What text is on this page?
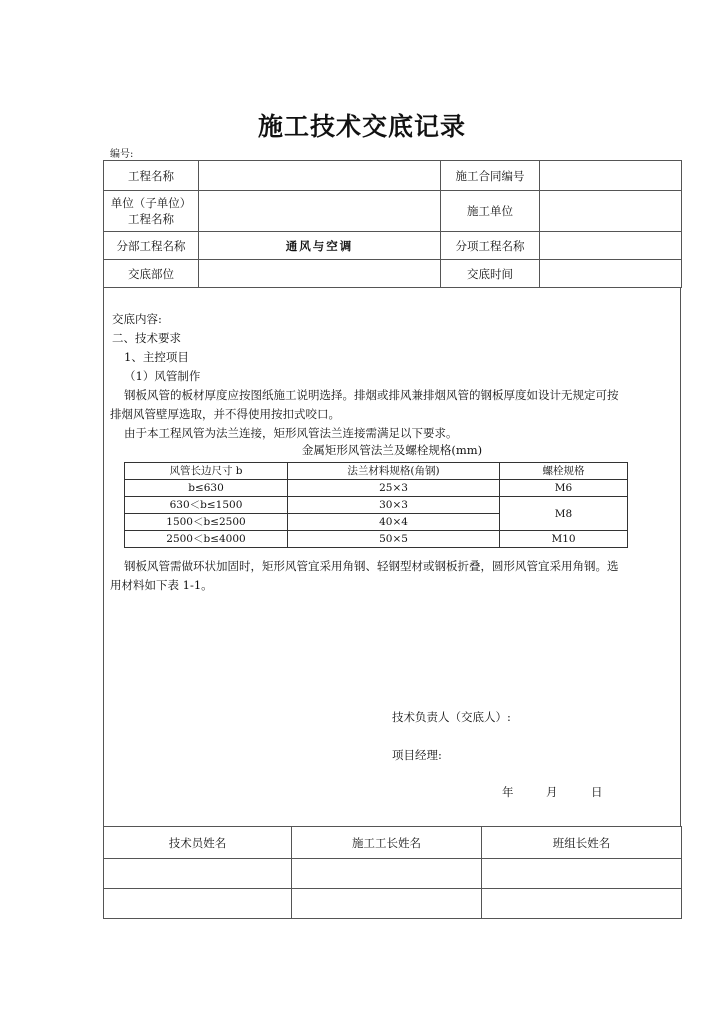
施工技术交底记录
编号:
工程名称		施工合同编号	

单位（子单位）
工程名称		施工单位	
分部工程名称	通风与空调	分项工程名称	
交底部位		交底时间	
交底内容:
二、技术要求
1、主控项目
（1）风管制作
钢板风管的板材厚度应按图纸施工说明选择。排烟或排风兼排烟风管的钢板厚度如设计无规定可按
排烟风管壁厚选取，并不得使用按扣式咬口。
由于本工程风管为法兰连接，矩形风管法兰连接需满足以下要求。
金属矩形风管法兰及螺栓规格(mm)
风管长边尺寸 b	法兰材料规格(角钢)	螺栓规格
b≤630	25×3	M6
630＜b≤1500	30×3	M8
1500＜b≤2500	40×4	
2500＜b≤4000	50×5	M10
钢板风管需做环状加固时，矩形风管宜采用角钢、轻钢型材或钢板折叠，圆形风管宜采用角钢。选
用材料如下表 1-1。
技术负责人（交底人）:
项目经理:
年	月	日
技术员姓名	施工工长姓名	班组长姓名
